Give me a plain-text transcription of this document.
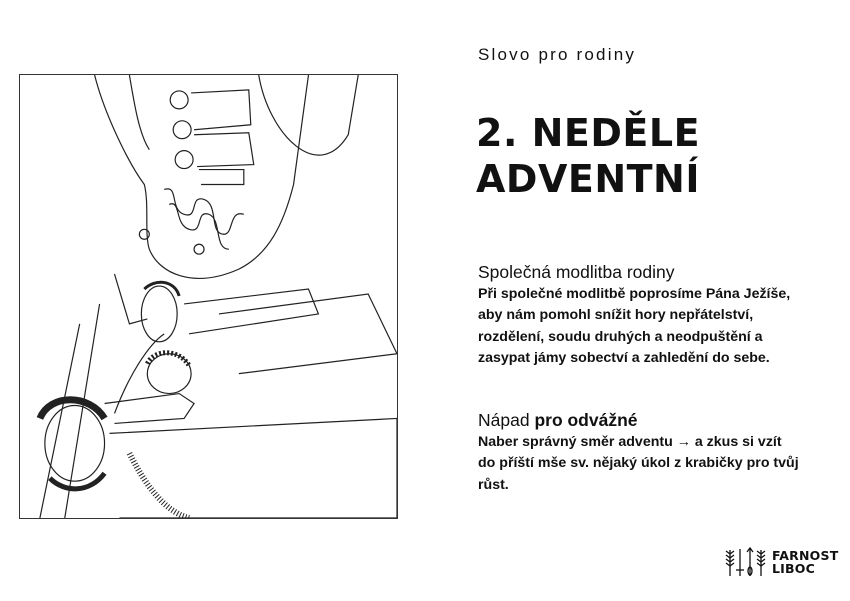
Slovo pro rodiny
2. NEDĚLE
ADVENTNÍ
Společná modlitba rodiny
Při společné modlitbě poprosíme Pána Ježíše,
aby nám pomohl snížit hory nepřátelství,
rozdělení, soudu druhých a neodpuštění a
zasypat jámy sobectví a zahledění do sebe.
Nápad pro odvážné
Naber správný směr adventu → a zkus si vzít
do příští mše sv. nějaký úkol z krabičky pro tvůj
růst.
FARNOST
LIBOC
